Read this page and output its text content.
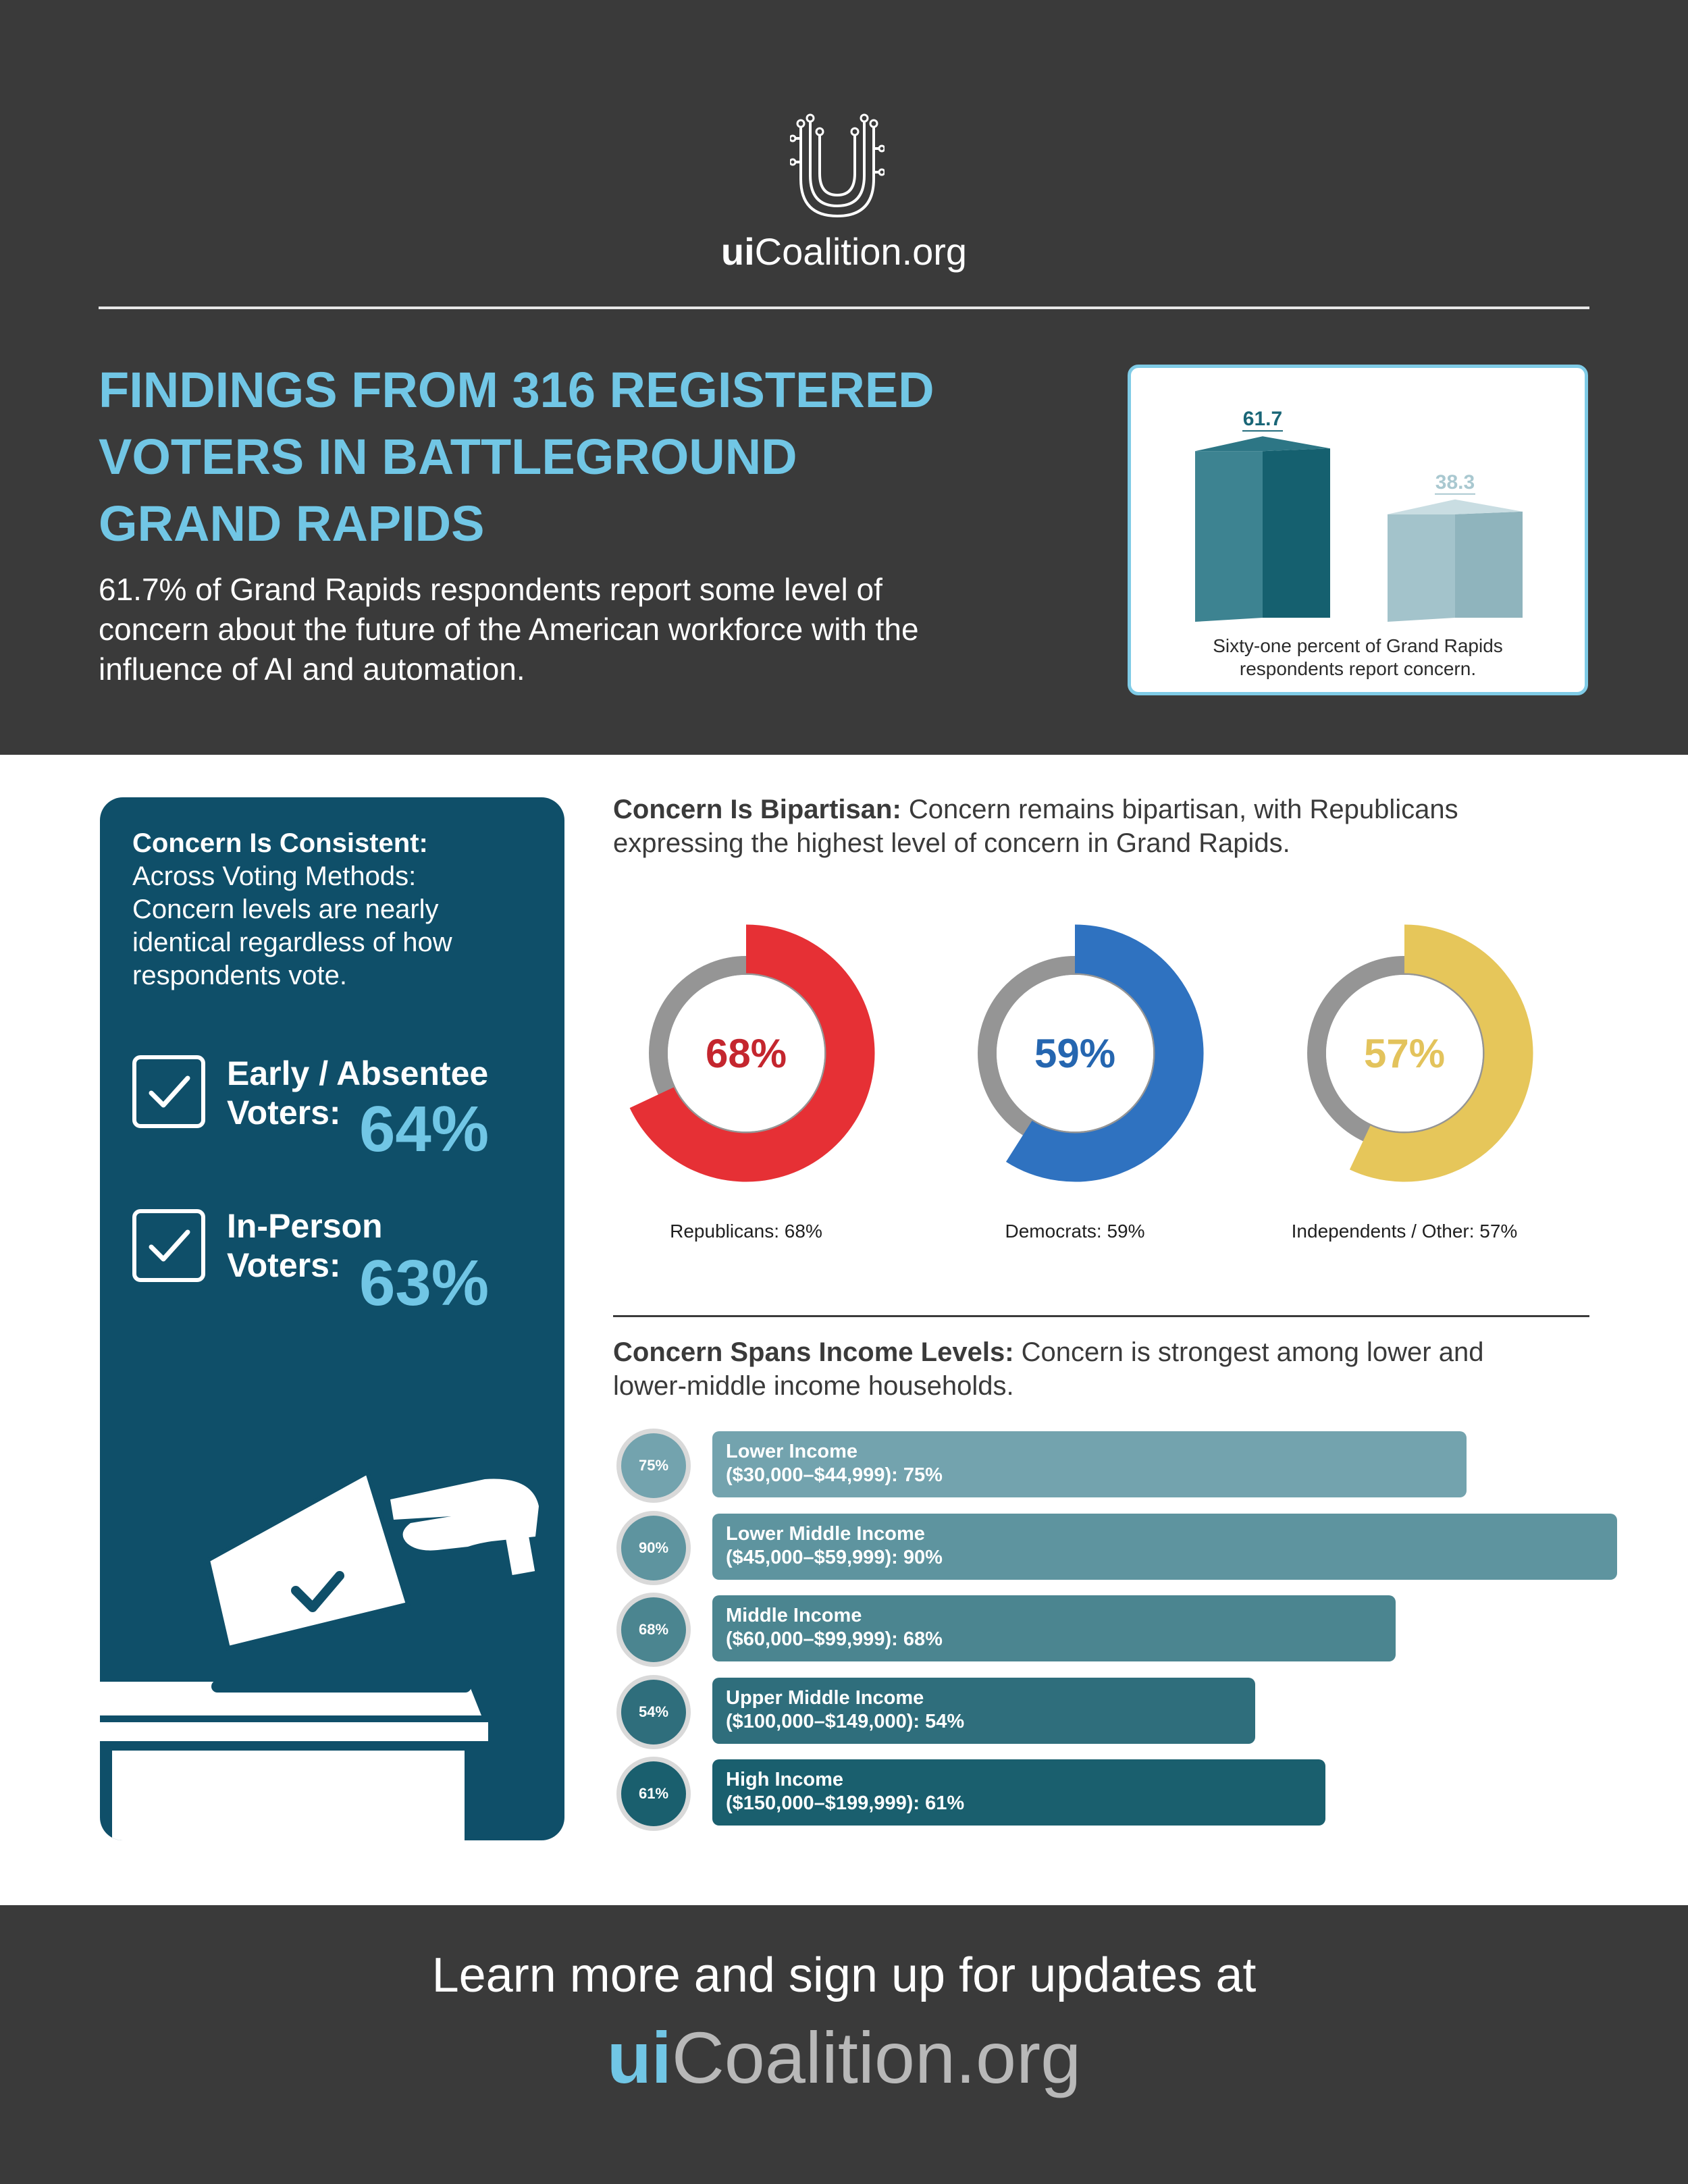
uiCoalition.org
FINDINGS FROM 316 REGISTERED
VOTERS IN BATTLEGROUND
GRAND RAPIDS
61.7% of Grand Rapids respondents report some level of
concern about the future of the American workforce with the
influence of AI and automation.
61.7
38.3
Sixty-one percent of Grand Rapids
respondents report concern.
Concern Is Consistent:
Across Voting Methods:
Concern levels are nearly
identical regardless of how
respondents vote.
Early / Absentee
Voters: 64%
In-Person
Voters: 63%
Concern Is Bipartisan: Concern remains bipartisan, with Republicans
expressing the highest level of concern in Grand Rapids.
68%	59%	57%
Republicans: 68%	Democrats: 59%	Independents / Other: 57%
Concern Spans Income Levels: Concern is strongest among lower and
lower-middle income households.
75%
Lower Income
($30,000–$44,999): 75%
90%
Lower Middle Income
($45,000–$59,999): 90%
68%
Middle Income
($60,000–$99,999): 68%
54%
Upper Middle Income
($100,000–$149,000): 54%
61%
High Income
($150,000–$199,999): 61%
Learn more and sign up for updates at
uiCoalition.org
